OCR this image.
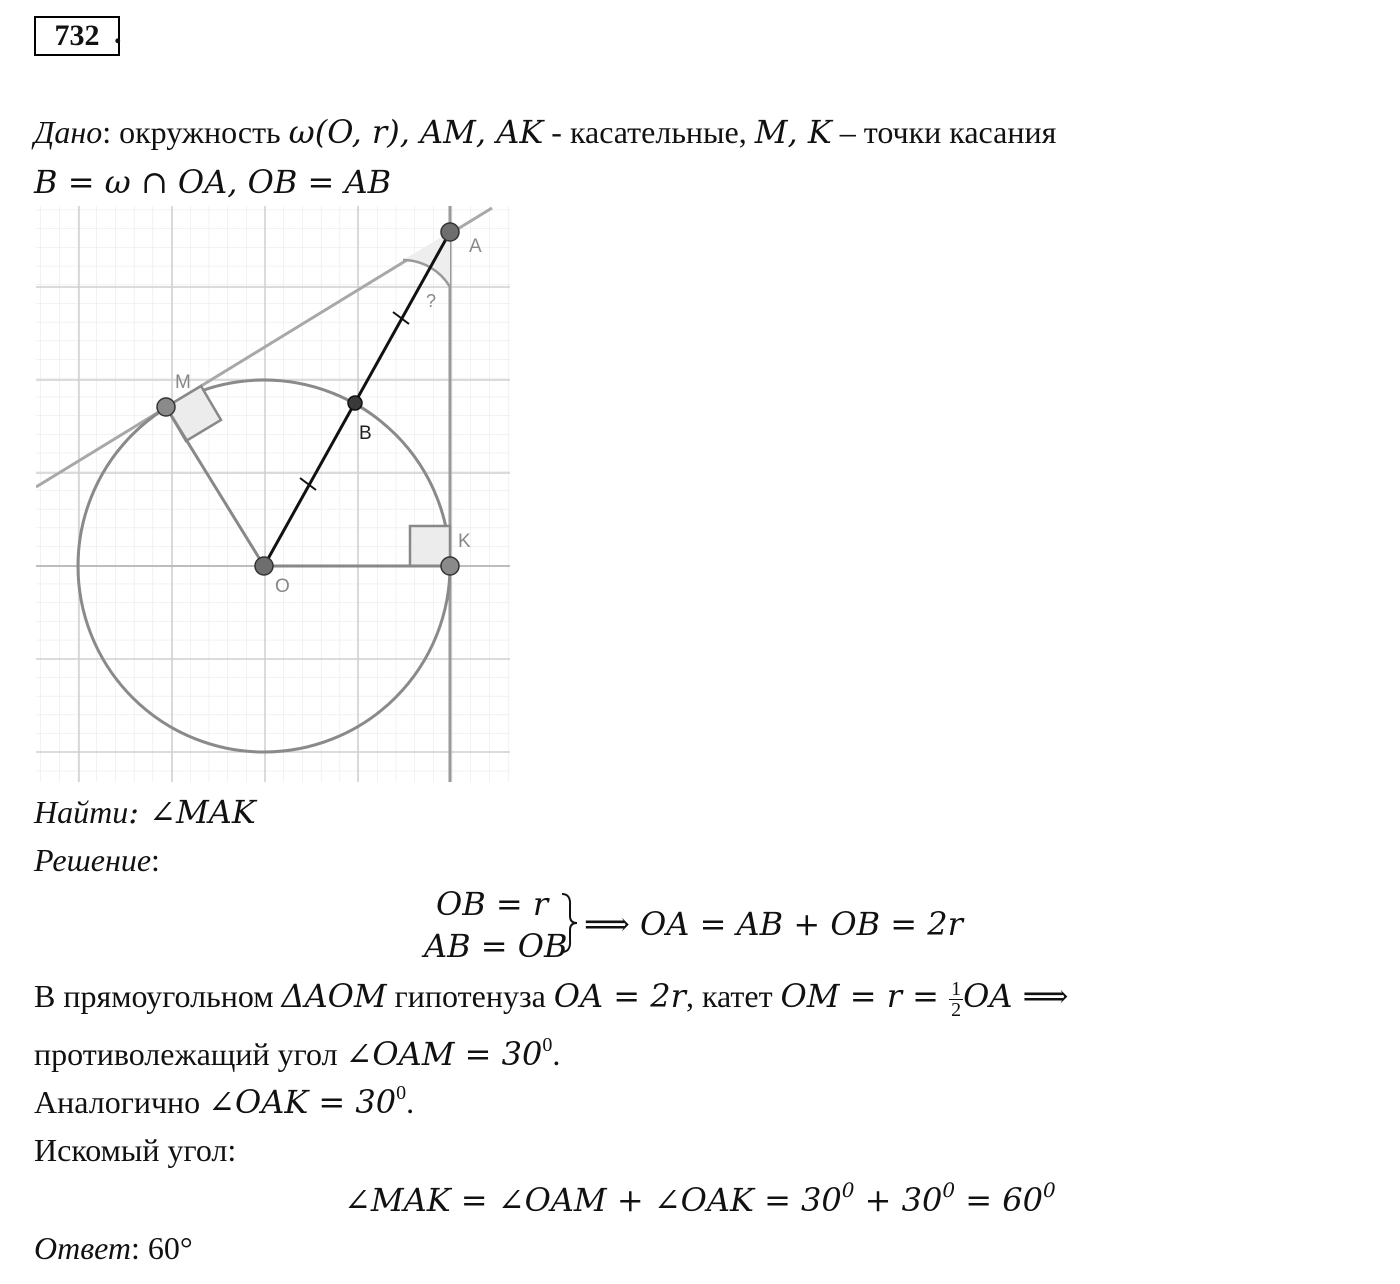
732 .
Дано: окружность ω(O, r), AM, AK - касательные, M, K – точки касания
B = ω ∩ OA, OB = AB
A
M
B
O
K
?
Найти: ∠MAK
Решение:
OB = r
AB = OB
⟹ OA = AB + OB = 2r
В прямоугольном ΔAOM гипотенуза OA = 2r, катет OM = $r = \frac{1}{2}$ OA ⟹
противолежащий угол ∠OAM = $30^0$.
Аналогично ∠OAK = $30^0$.
Искомый угол:
∠MAK = ∠OAM + ∠OAK = $30^0 + 30^0 = 60^0$
Ответ: 60°
